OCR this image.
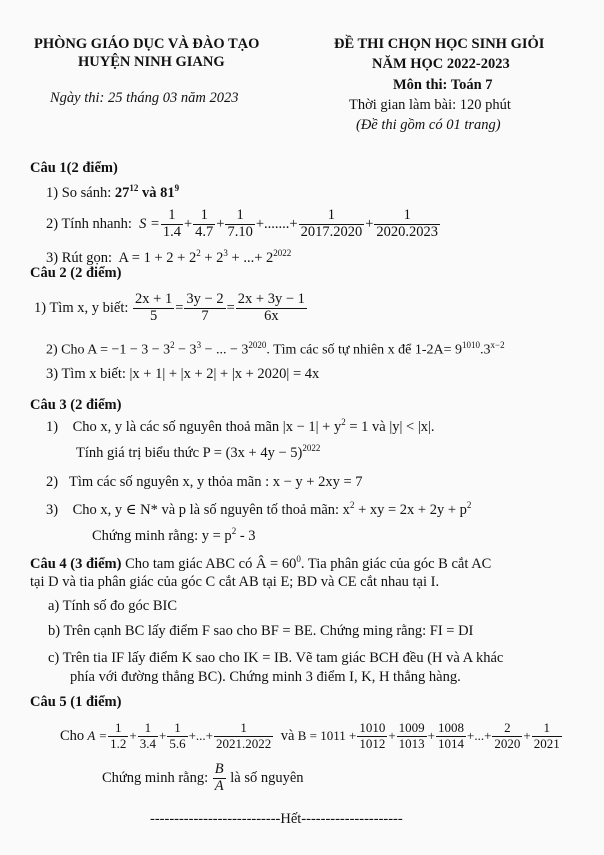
PHÒNG GIÁO DỤC VÀ ĐÀO TẠO
HUYỆN NINH GIANG
Ngày thi: 25 tháng 03 năm 2023
ĐỀ THI CHỌN HỌC SINH GIỎI
NĂM HỌC 2022-2023
Môn thi: Toán 7
Thời gian làm bài: 120 phút
(Đề thi gồm có 01 trang)
Câu 1(2 điểm)
1) So sánh: $27^{12}$ và $81^9$
2) Tính nhanh:
$S = \frac{1}{1.4} + \frac{1}{4.7} + \frac{1}{7.10}$ +.......+ $\frac{1}{2017.2020} + \frac{1}{2020.2023}$
3) Rút gọn: $A = 1 + 2 + 2^2 + 2^3$ + ...+ $2^{2022}$
Câu 2 (2 điểm)
1) Tìm x, y biết:
$\frac{2x + 1}{5} = \frac{3y - 2}{7} = \frac{2x + 3y - 1}{6x}$
2) Cho $A = -1 - 3 - 3^2 - 3^3$ − ... − $3^{2020}$. Tìm các số tự nhiên x để $1-2A= 9^{1010}.3^{x-2}$
3) Tìm x biết: |x + 1| + |x + 2| + |x + 2020| = 4x
Câu 3 (2 điểm)
1) Cho x, y là các số nguyên thoả mãn $|x - 1| + y^2 = 1$ và |y| < |x|.
Tính giá trị biểu thức $P = (3x + 4y - 5)^{2022}$
2) Tìm các số nguyên x, y thỏa mãn : x − y + 2xy = 7
3) Cho x, y ∈ N* và p là số nguyên tố thoả mãn: $x^2$ + xy = $2x + 2y + p^2$
Chứng minh rằng: $y = p^2 - 3$
Câu 4 (3 điểm) Cho tam giác ABC có Â = $60^0$. Tia phân giác của góc B cắt AC
tại D và tia phân giác của góc C cắt AB tại E; BD và CE cắt nhau tại I.
a) Tính số đo góc BIC
b) Trên cạnh BC lấy điểm F sao cho BF = BE. Chứng ming rằng: FI = DI
c) Trên tia IF lấy điểm K sao cho IK = IB. Vẽ tam giác BCH đều (H và A khác
phía với đường thẳng BC). Chứng minh 3 điểm I, K, H thẳng hàng.
Câu 5 (1 điểm)
Cho
$A = \frac{1}{1.2} + \frac{1}{3.4} + \frac{1}{5.6}$ +...+ $\frac{1}{2021.2022}$
và
$B = 1011 + \frac{1010}{1012} + \frac{1009}{1013} + \frac{1008}{1014}$ +...+ $\frac{2}{2020} + \frac{1}{2021}$
Chứng minh rằng:
$\frac{B}{A}$
là số nguyên
---------------------------Hết---------------------
